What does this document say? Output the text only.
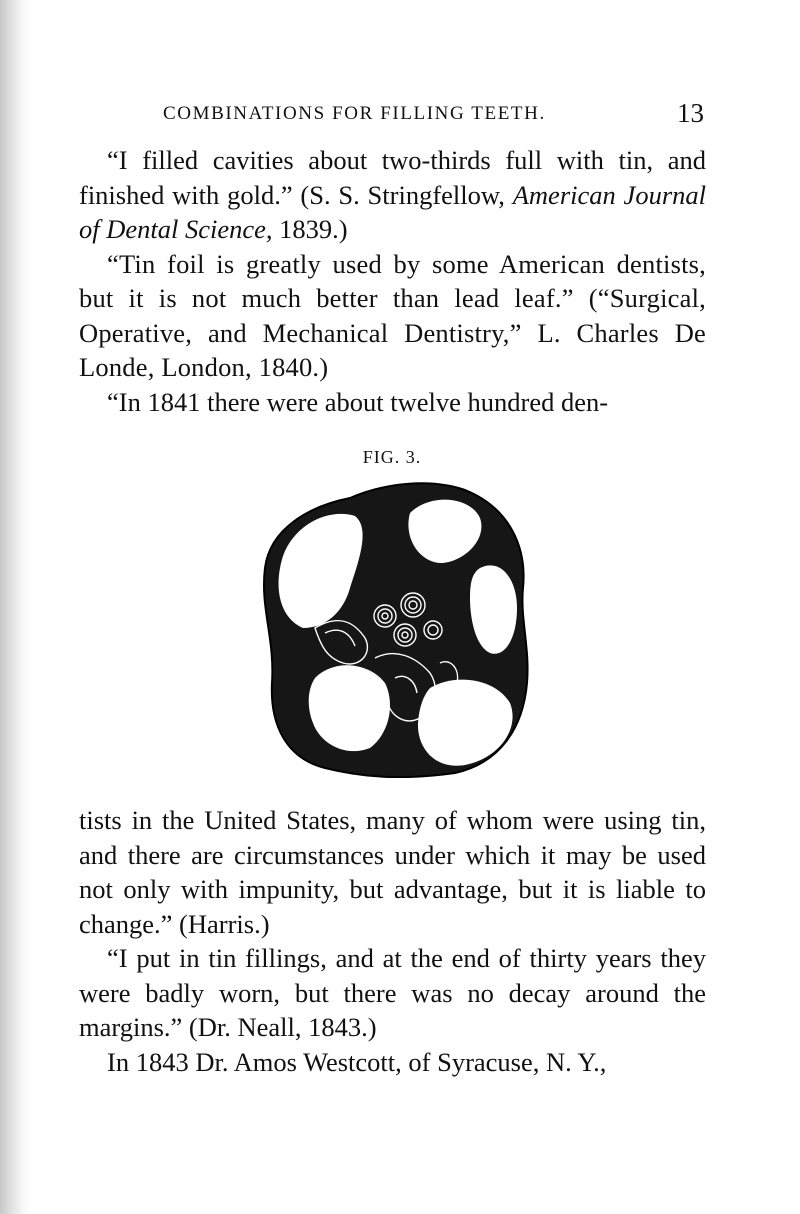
COMBINATIONS FOR FILLING TEETH.	13

“I filled cavities about two-thirds full with tin, and finished with gold.” (S. S. Stringfellow, American Journal of Dental Science, 1839.)

“Tin foil is greatly used by some American dentists, but it is not much better than lead leaf.” (“Surgical, Operative, and Mechanical Dentistry,” L. Charles De Londe, London, 1840.)

“In 1841 there were about twelve hundred den-

FIG. 3.

tists in the United States, many of whom were using tin, and there are circumstances under which it may be used not only with impunity, but advantage, but it is liable to change.” (Harris.)

“I put in tin fillings, and at the end of thirty years they were badly worn, but there was no decay around the margins.” (Dr. Neall, 1843.)

In 1843 Dr. Amos Westcott, of Syracuse, N. Y.,
